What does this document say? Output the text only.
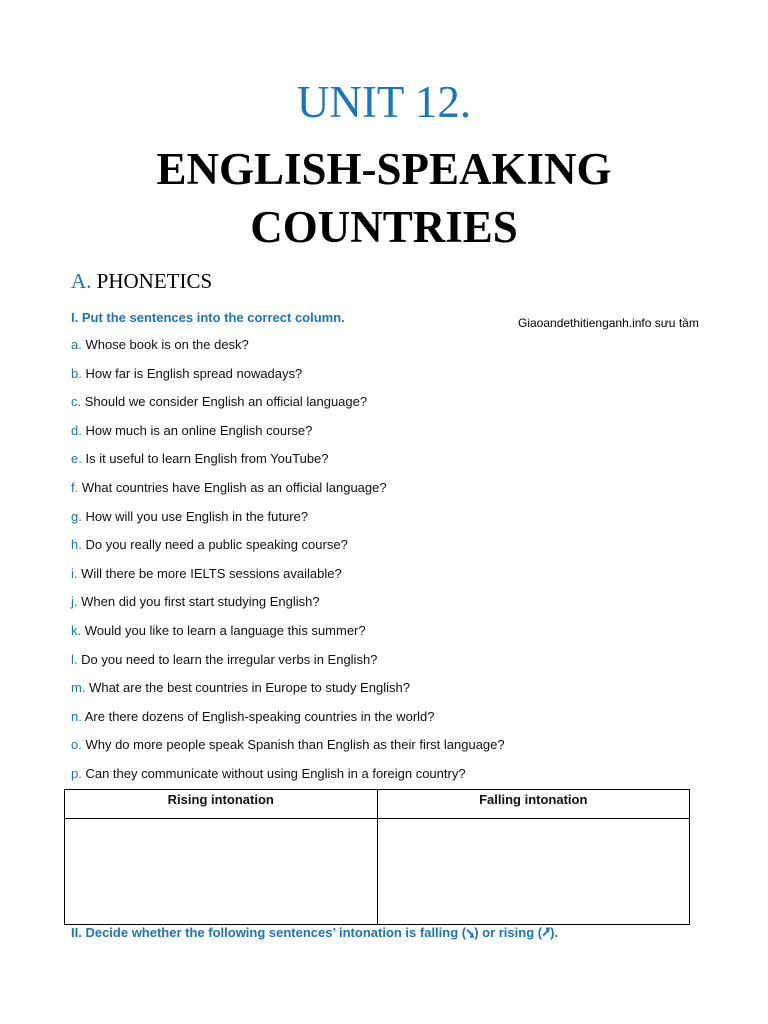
UNIT 12.
ENGLISH-SPEAKING
COUNTRIES
A. PHONETICS
I. Put the sentences into the correct column.	Giaoandethitienganh.info sưu tầm
a. Whose book is on the desk?
b. How far is English spread nowadays?
c. Should we consider English an official language?
d. How much is an online English course?
e. Is it useful to learn English from YouTube?
f. What countries have English as an official language?
g. How will you use English in the future?
h. Do you really need a public speaking course?
i. Will there be more IELTS sessions available?
j. When did you first start studying English?
k. Would you like to learn a language this summer?
l. Do you need to learn the irregular verbs in English?
m. What are the best countries in Europe to study English?
n. Are there dozens of English-speaking countries in the world?
o. Why do more people speak Spanish than English as their first language?
p. Can they communicate without using English in a foreign country?
Rising intonation	Falling intonation

II. Decide whether the following sentences’ intonation is falling (⭸) or rising (⭷).
